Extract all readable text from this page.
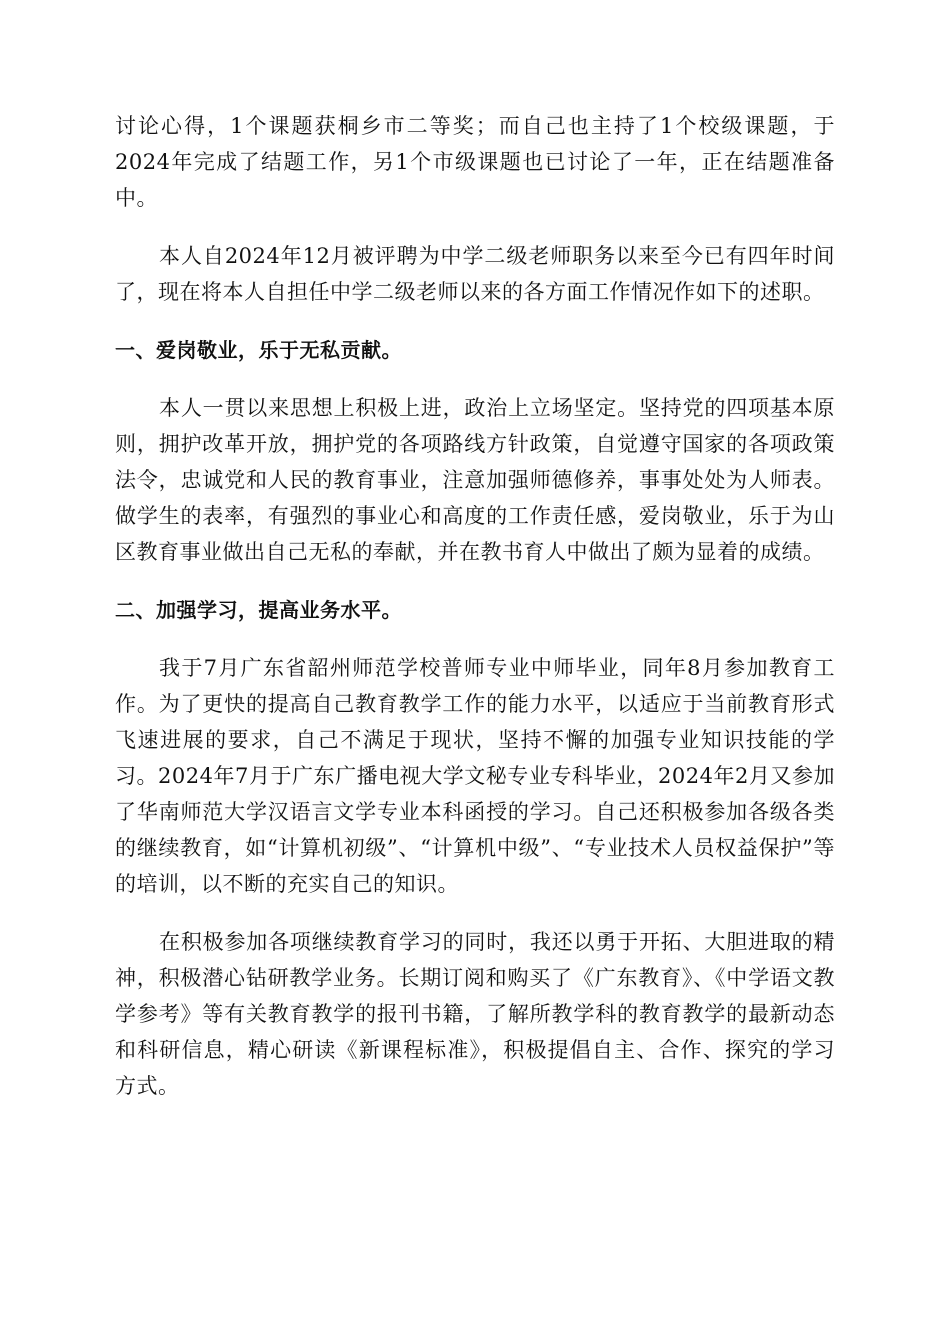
讨论心得，1个课题获桐乡市二等奖；而自己也主持了1个校级课题，于2024年完成了结题工作，另1个市级课题也已讨论了一年，正在结题准备中。

本人自2024年12月被评聘为中学二级老师职务以来至今已有四年时间了，现在将本人自担任中学二级老师以来的各方面工作情况作如下的述职。

一、爱岗敬业，乐于无私贡献。

本人一贯以来思想上积极上进，政治上立场坚定。坚持党的四项基本原则，拥护改革开放，拥护党的各项路线方针政策，自觉遵守国家的各项政策法令，忠诚党和人民的教育事业，注意加强师德修养，事事处处为人师表。做学生的表率，有强烈的事业心和高度的工作责任感，爱岗敬业，乐于为山区教育事业做出自己无私的奉献，并在教书育人中做出了颇为显着的成绩。

二、加强学习，提高业务水平。

我于7月广东省韶州师范学校普师专业中师毕业，同年8月参加教育工作。为了更快的提高自己教育教学工作的能力水平，以适应于当前教育形式飞速进展的要求，自己不满足于现状，坚持不懈的加强专业知识技能的学习。2024年7月于广东广播电视大学文秘专业专科毕业，2024年2月又参加了华南师范大学汉语言文学专业本科函授的学习。自己还积极参加各级各类的继续教育，如“计算机初级”、“计算机中级”、“专业技术人员权益保护”等的培训，以不断的充实自己的知识。

在积极参加各项继续教育学习的同时，我还以勇于开拓、大胆进取的精神，积极潜心钻研教学业务。长期订阅和购买了《广东教育》、《中学语文教学参考》等有关教育教学的报刊书籍，了解所教学科的教育教学的最新动态和科研信息，精心研读《新课程标准》，积极提倡自主、合作、探究的学习方式。
